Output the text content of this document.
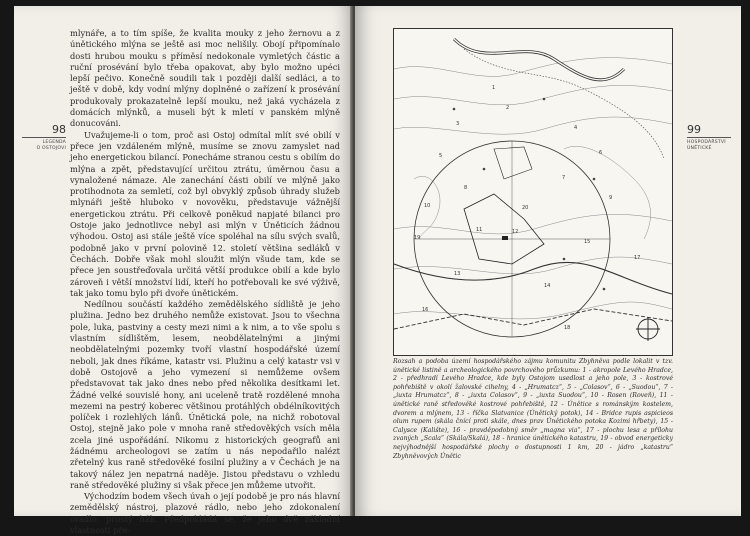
98
LEGENDA
O OSTOJOVI

mlynáře, a to tím spíše, že kvalita mouky z jeho žernovu a z únětického mlýna se ještě asi moc nelišily. Obojí připomínalo dosti hrubou mouku s příměsí nedokonale vymletých částic a ruční prosévání bylo třeba opakovat, aby bylo možno upéci lepší pečivo. Konečně soudili tak i později další sedláci, a to ještě v době, kdy vodní mlýny doplněné o zařízení k prosévání produkovaly prokazatelně lepší mouku, než jaká vycházela z domácích mlýnků, a museli být k mletí v panském mlýně donucováni.

Uvažujeme-li o tom, proč asi Ostoj odmítal mlít své obilí v přece jen vzdáleném mlýně, musíme se znovu zamyslet nad jeho energetickou bilancí. Ponecháme stranou cestu s obilím do mlýna a zpět, představující určitou ztrátu, úměrnou času a vynaložené námaze. Ale zanechání části obilí ve mlýně jako protihodnota za semletí, což byl obvyklý způsob úhrady služeb mlynáři ještě hluboko v novověku, představuje vážnější energetickou ztrátu. Při celkově poněkud napjaté bilanci pro Ostoje jako jednotlivce nebyl asi mlýn v Úněticích žádnou výhodou. Ostoj asi stále ještě více spoléhal na sílu svých svalů, podobně jako v první polovině 12. století většina sedláků v Čechách. Dobře však mohl sloužit mlýn všude tam, kde se přece jen soustřeďovala určitá větší produkce obilí a kde bylo zároveň i větší množství lidí, kteří ho potřebovali ke své výživě, tak jako tomu bylo při dvoře únětickém.

Nedílnou součástí každého zemědělského sídliště je jeho plužina. Jedno bez druhého nemůže existovat. Jsou to všechna pole, luka, pastviny a cesty mezi nimi a k nim, a to vše spolu s vlastním sídlištěm, lesem, neobdělatelnými a jinými neobdělatelnými pozemky tvoří vlastní hospodářské území neboli, jak dnes říkáme, katastr vsi. Plužinu a celý katastr vsi v době Ostojově a jeho vymezení si nemůžeme ovšem představovat tak jako dnes nebo před několika desítkami let. Žádné velké souvislé hony, ani uceleně tratě rozdělené mnoha mezemi na pestrý koberec většinou protáhlých obdélníkovitých políček i rozlehlých lánů. Únětická pole, na nichž robotoval Ostoj, stejně jako pole v mnoha raně středověkých vsích měla zcela jiné uspořádání. Nikomu z historických geografů ani žádnému archeologovi se zatím u nás nepodařilo nalézt zřetelný kus raně středověké fosilní plužiny a v Čechách je na takový nález jen nepatrná naděje. Jistou představu o vzhledu raně středověké plužiny si však přece jen můžeme utvořit.

Východzím bodem všech úvah o její podobě je pro nás hlavní zemědělský nástroj, plazové rádlo, nebo jeho zdokonalení oradlo, prostý hák. Předpokládá se, že jeho dvě základní vlastnosti pře-

99
HOSPODÁŘSTVÍ
ÚNĚTICKÉ
1
2
3
4
5	6
7
8
9
10
11	12
13
14
15
16
17
18
19
20

Rozsah a podoba území hospodářského zájmu komunitu Zbyhněva podle lokalit v tzv. únětické listině a archeologického povrchového průzkumu: 1 - akropole Levého Hradce, 2 - předhradí Levého Hradce, kde byly Ostojom usedlost a jeho pole, 3 - kostrové pohřebiště v okolí žalovské cihelny, 4 - „Hrumatcz“, 5 - „Colasov“, 6 - „Suodou“, 7 - „iuxta Hrumatcz“, 8 - „iuxta Colasov“, 9 - „iuxta Suodou“, 10 - Rosen (Roveň), 11 - únětické raně středověké kostrové pohřebiště, 12 - Únětice s románským kostelem, dvorem a mlýnem, 13 - říčka Slatvanice (Únětický potok), 14 - Bridce rupis aspicieos olum rupem (skála čnící proti skále, dnes prav Únětického potoka Kozimi hřbety), 15 - Calysce (Kalište), 16 - pravděpodobný směr „magna via“, 17 - plochu lesa a přílohu zvaných „Scala“ (Skála/Skalá), 18 - hranice únětického katastru, 19 - obvod energeticky nejvýhodnější hospodářské plochy o dostupnosti 1 km, 20 - jádro „katastru“ Zbyhněvových Únětic
